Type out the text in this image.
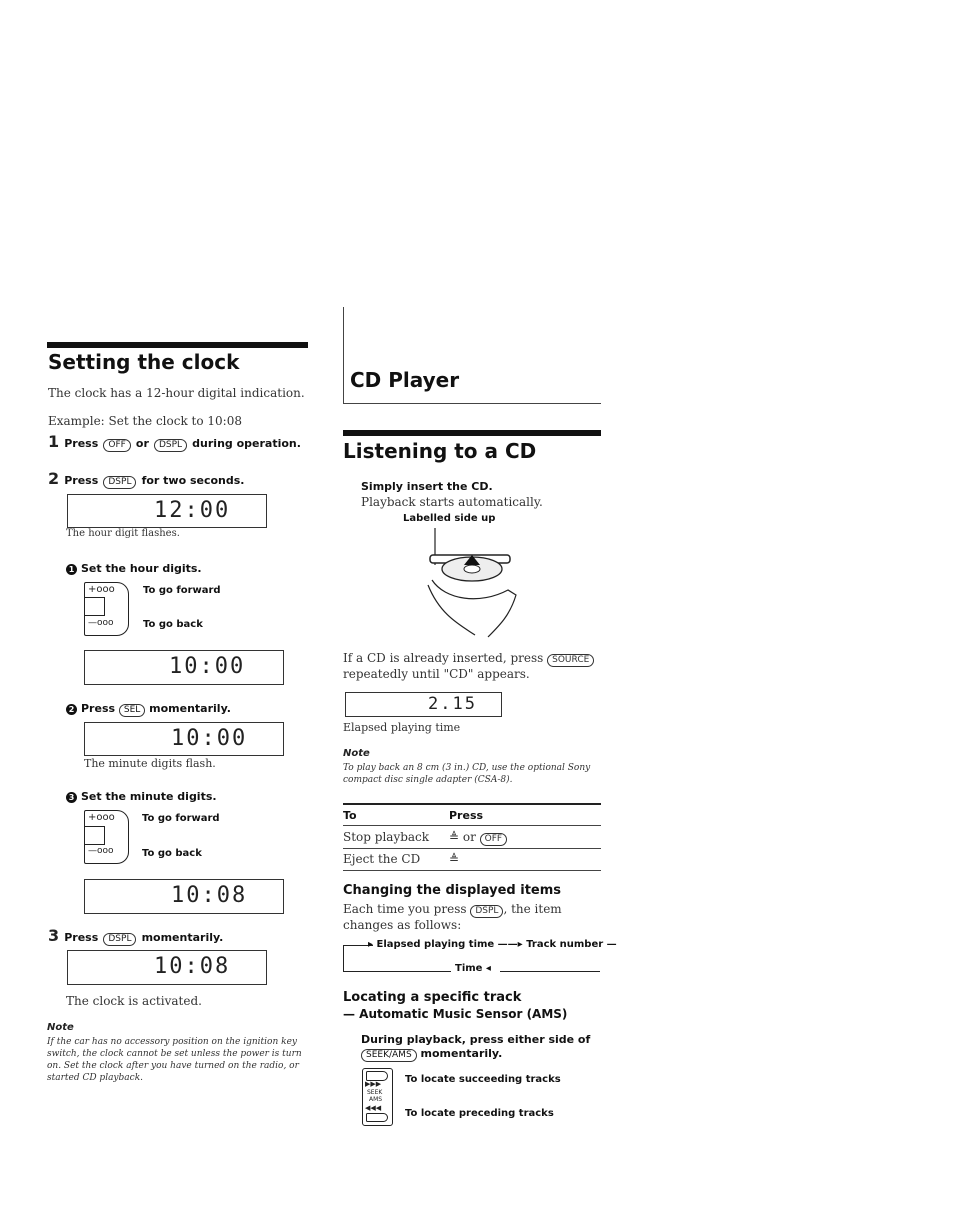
Setting the clock
The clock has a 12-hour digital indication.
Example: Set the clock to 10:08
1 Press OFF or DSPL during operation.
2 Press DSPL for two seconds.
12:00
The hour digit flashes.
1 Set the hour digits.
+ooo
—ooo
To go forward
To go back
10:00
2 Press SEL momentarily.
10:00
The minute digits flash.
3 Set the minute digits.
+ooo
—ooo
To go forward
To go back
10:08
3 Press DSPL momentarily.
10:08
The clock is activated.
Note
If the car has no accessory position on the ignition key switch, the clock cannot be set unless the power is turn on. Set the clock after you have turned on the radio, or started CD playback.
CD Player
Listening to a CD
Simply insert the CD.
Playback starts automatically.
Labelled side up
If a CD is already inserted, press SOURCE
repeatedly until "CD" appears.
2.15
Elapsed playing time
Note
To play back an 8 cm (3 in.) CD, use the optional Sony compact disc single adapter (CSA-8).
To	Press
Stop playback ≜ or OFF
Eject the CD ≜
Changing the displayed items
Each time you press DSPL , the item changes as follows:
▸ Elapsed playing time ——▸ Track number —
Time ◂
Locating a specific track
— Automatic Music Sensor (AMS)
During playback, press either side of
SEEK/AMS momentarily.
▶▶▶
SEEK
AMS
◀◀◀
To locate succeeding tracks
To locate preceding tracks
